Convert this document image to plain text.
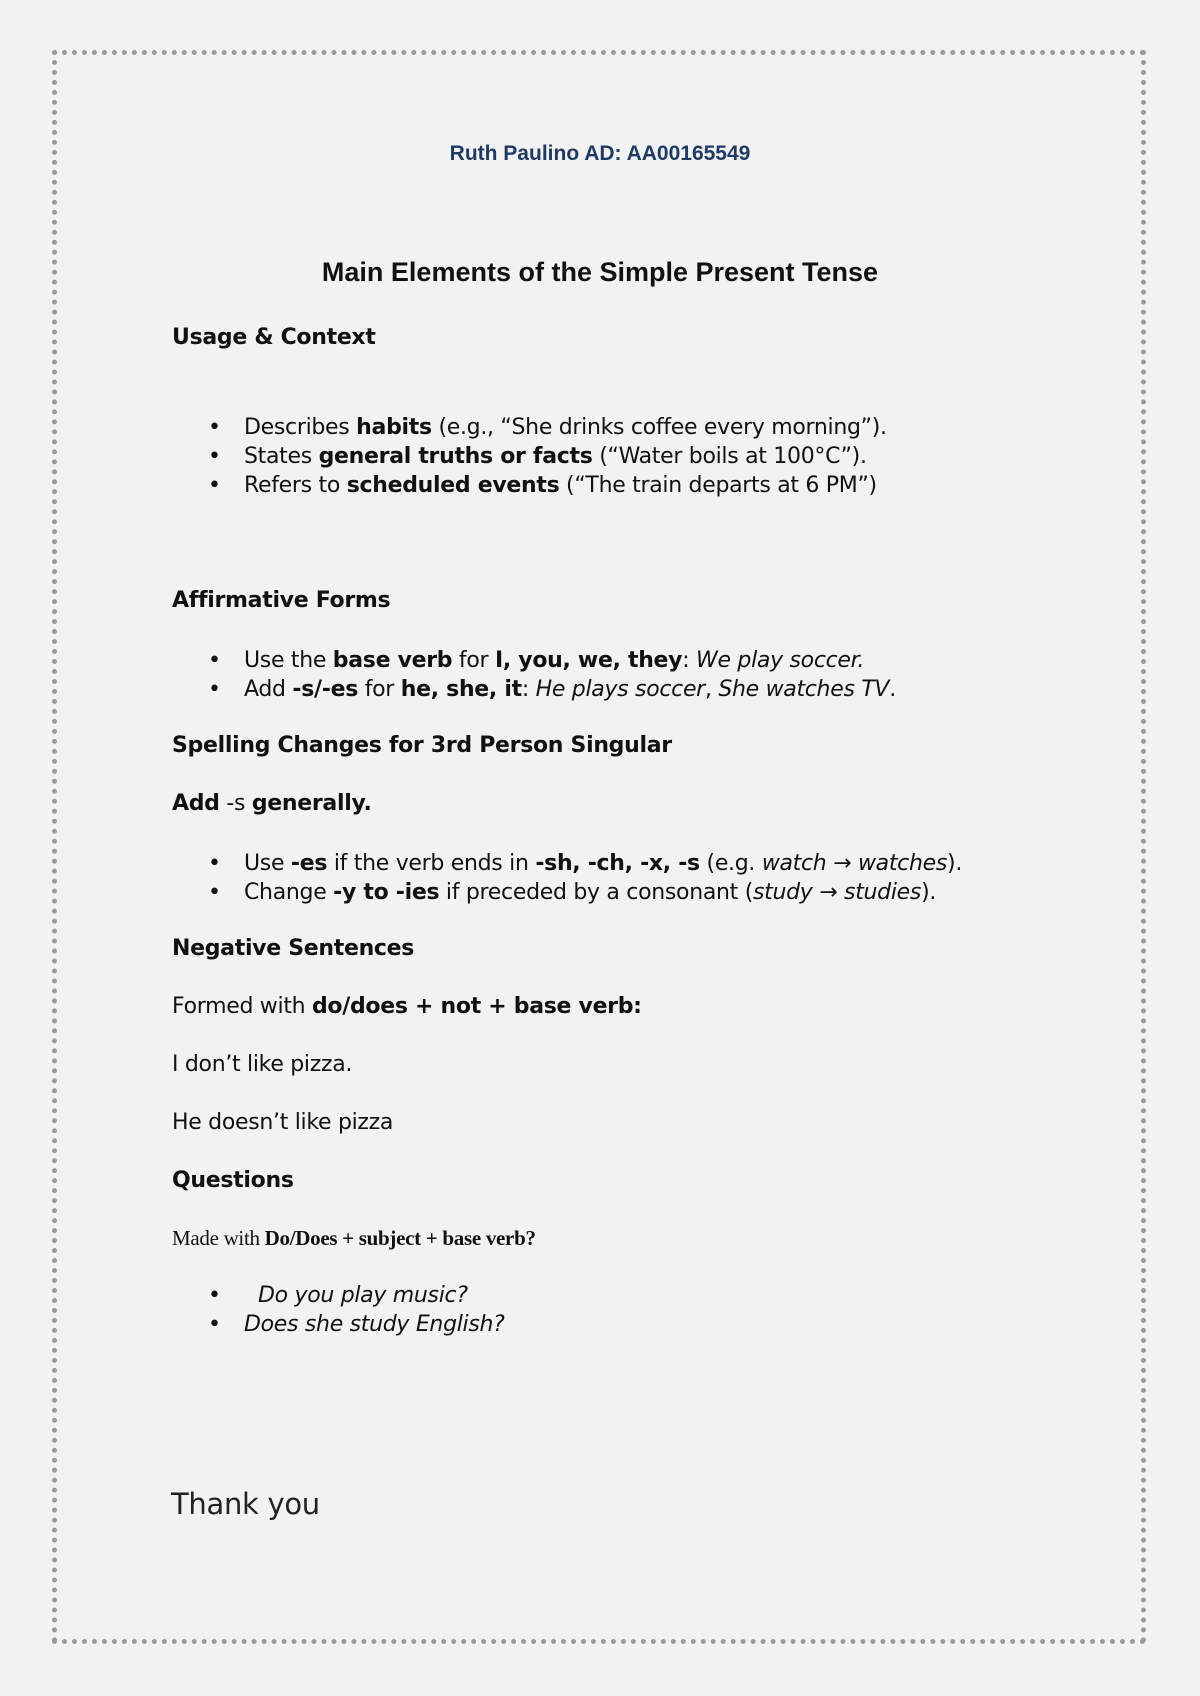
Ruth Paulino AD: AA00165549

Main Elements of the Simple Present Tense

Usage & Context

• Describes habits (e.g., “She drinks coffee every morning”).
• States general truths or facts (“Water boils at 100°C”).
• Refers to scheduled events (“The train departs at 6 PM”)

Affirmative Forms

• Use the base verb for I, you, we, they: We play soccer.
• Add -s/-es for he, she, it: He plays soccer, She watches TV.

Spelling Changes for 3rd Person Singular

Add -s generally.

• Use -es if the verb ends in -sh, -ch, -x, -s (e.g. watch → watches).
• Change -y to -ies if preceded by a consonant (study → studies).

Negative Sentences

Formed with do/does + not + base verb:

I don’t like pizza.

He doesn’t like pizza

Questions

Made with Do/Does + subject + base verb?

• Do you play music?
• Does she study English?

Thank you
